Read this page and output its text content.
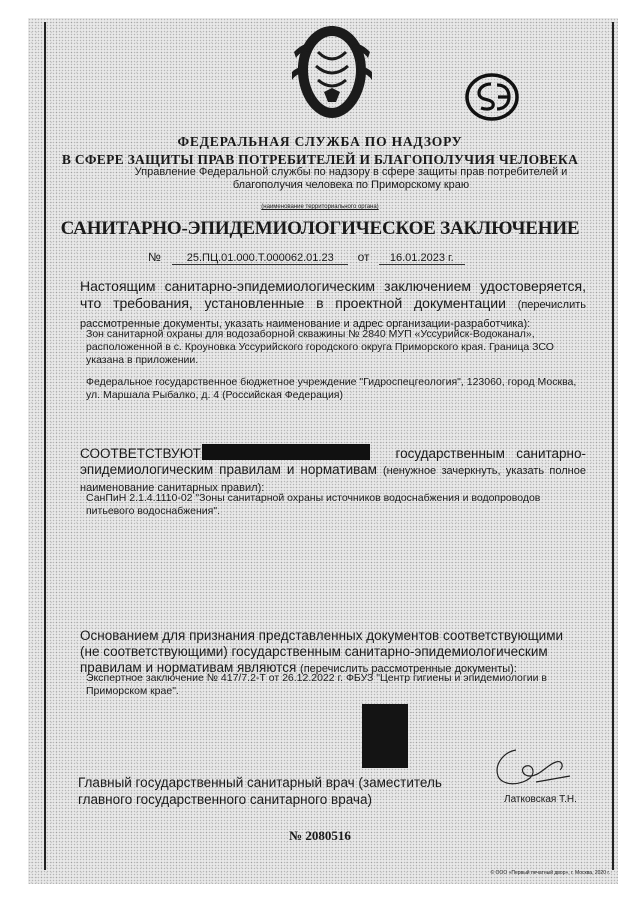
ФЕДЕРАЛЬНАЯ СЛУЖБА ПО НАДЗОРУ
В СФЕРЕ ЗАЩИТЫ ПРАВ ПОТРЕБИТЕЛЕЙ И БЛАГОПОЛУЧИЯ ЧЕЛОВЕКА
Управление Федеральной службы по надзору в сфере защиты прав потребителей и благополучия человека по Приморскому краю
(наименование территориального органа)
САНИТАРНО-ЭПИДЕМИОЛОГИЧЕСКОЕ ЗАКЛЮЧЕНИЕ
№ 25.ПЦ.01.000.Т.000062.01.23 от 16.01.2023 г.
Настоящим санитарно-эпидемиологическим заключением удостоверяется, что требования, установленные в проектной документации (перечислить рассмотренные документы, указать наименование и адрес организации-разработчика):
Зон санитарной охраны для водозаборной скважины № 2840 МУП «Уссурийск-Водоканал», расположенной в с. Кроуновка Уссурийского городского округа Приморского края. Граница ЗСО указана в приложении.
Федеральное государственное бюджетное учреждение "Гидроспецгеология", 123060, город Москва, ул. Маршала Рыбалко, д. 4 (Российская Федерация)
СООТВЕТСТВУЮТ	государственным санитарно-эпидемиологическим правилам и нормативам (ненужное зачеркнуть, указать полное наименование санитарных правил):
СанПиН 2.1.4.1110-02 "Зоны санитарной охраны источников водоснабжения и водопроводов питьевого водоснабжения".
Основанием для признания представленных документов соответствующими (не соответствующими) государственным санитарно-эпидемиологическим правилам и нормативам являются (перечислить рассмотренные документы):
Экспертное заключение № 417/7.2-Т от 26.12.2022 г. ФБУЗ "Центр гигиены и эпидемиологии в Приморском крае".
Главный государственный санитарный врач (заместитель главного государственного санитарного врача)	Латковская Т.Н.
№ 2080516
© ООО «Первый печатный двор», г. Москва, 2020 г.
